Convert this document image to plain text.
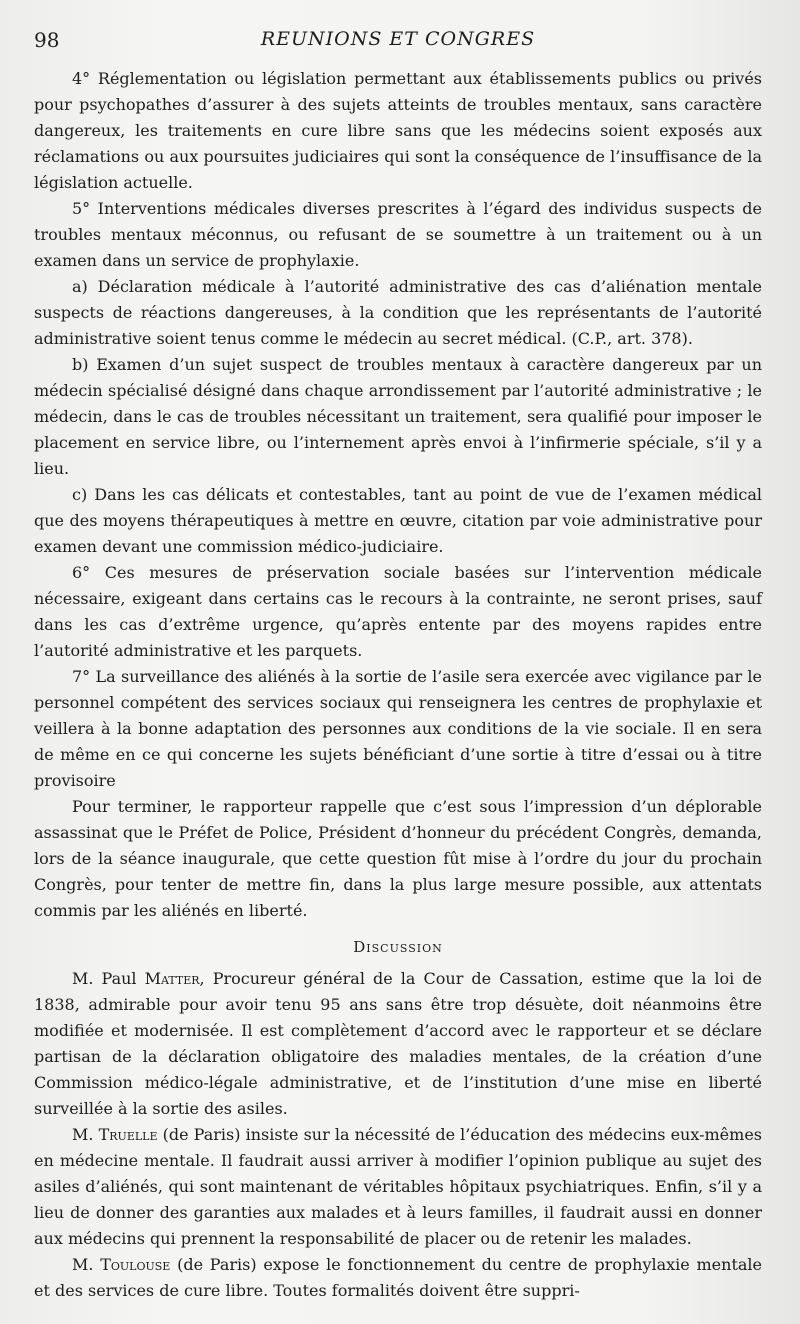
98	REUNIONS ET CONGRES

4° Réglementation ou législation permettant aux établissements publics ou privés pour psychopathes d’assurer à des sujets atteints de troubles mentaux, sans caractère dangereux, les traitements en cure libre sans que les médecins soient exposés aux réclamations ou aux poursuites judiciaires qui sont la conséquence de l’insuffisance de la législation actuelle.

5° Interventions médicales diverses prescrites à l’égard des individus suspects de troubles mentaux méconnus, ou refusant de se soumettre à un traitement ou à un examen dans un service de prophylaxie.

a) Déclaration médicale à l’autorité administrative des cas d’aliénation mentale suspects de réactions dangereuses, à la condition que les représentants de l’autorité administrative soient tenus comme le médecin au secret médical. (C.P., art. 378).

b) Examen d’un sujet suspect de troubles mentaux à caractère dangereux par un médecin spécialisé désigné dans chaque arrondissement par l’autorité administrative ; le médecin, dans le cas de troubles nécessitant un traitement, sera qualifié pour imposer le placement en service libre, ou l’internement après envoi à l’infirmerie spéciale, s’il y a lieu.

c) Dans les cas délicats et contestables, tant au point de vue de l’examen médical que des moyens thérapeutiques à mettre en œuvre, citation par voie administrative pour examen devant une commission médico-judiciaire.

6° Ces mesures de préservation sociale basées sur l’intervention médicale nécessaire, exigeant dans certains cas le recours à la contrainte, ne seront prises, sauf dans les cas d’extrême urgence, qu’après entente par des moyens rapides entre l’autorité administrative et les parquets.

7° La surveillance des aliénés à la sortie de l’asile sera exercée avec vigilance par le personnel compétent des services sociaux qui renseignera les centres de prophylaxie et veillera à la bonne adaptation des personnes aux conditions de la vie sociale. Il en sera de même en ce qui concerne les sujets bénéficiant d’une sortie à titre d’essai ou à titre provisoire

Pour terminer, le rapporteur rappelle que c’est sous l’impression d’un déplorable assassinat que le Préfet de Police, Président d’honneur du précédent Congrès, demanda, lors de la séance inaugurale, que cette question fût mise à l’ordre du jour du prochain Congrès, pour tenter de mettre fin, dans la plus large mesure possible, aux attentats commis par les aliénés en liberté.

Discussion

M. Paul Matter, Procureur général de la Cour de Cassation, estime que la loi de 1838, admirable pour avoir tenu 95 ans sans être trop désuète, doit néanmoins être modifiée et modernisée. Il est complètement d’accord avec le rapporteur et se déclare partisan de la déclaration obligatoire des maladies mentales, de la création d’une Commission médico-légale administrative, et de l’institution d’une mise en liberté surveillée à la sortie des asiles.

M. Truelle (de Paris) insiste sur la nécessité de l’éducation des médecins eux-mêmes en médecine mentale. Il faudrait aussi arriver à modifier l’opinion publique au sujet des asiles d’aliénés, qui sont maintenant de véritables hôpitaux psychiatriques. Enfin, s’il y a lieu de donner des garanties aux malades et à leurs familles, il faudrait aussi en donner aux médecins qui prennent la responsabilité de placer ou de retenir les malades.

M. Toulouse (de Paris) expose le fonctionnement du centre de prophylaxie mentale et des services de cure libre. Toutes formalités doivent être suppri-
